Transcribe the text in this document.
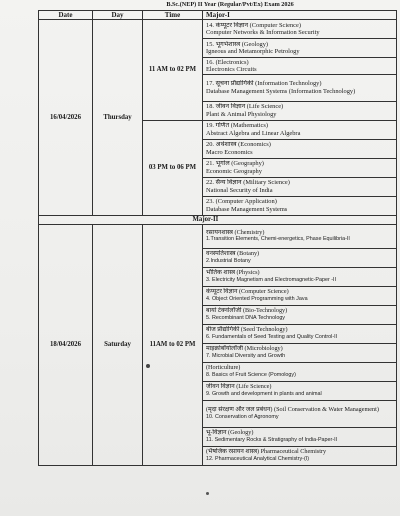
B.Sc.(NEP) II Year (Regular/Pvt/Ex) Exam 2026
Date	Day	Time	Major-I
16/04/2026	Thursday	11 AM to 02 PM	14. कंप्यूटर विज्ञान (Computer Science)
Computer Networks & Information Security

			15. भूगर्भशास्त्र (Geology)
Igneous and Metamorphic Petrology

			16. (Electronics)
Electronics Circuits

			17. सूचना प्रौद्योगिकी (Information Technology)
Database Management Systems (Information Technology)

			18. जीवन विज्ञान (Life Science)
Plant & Animal Physiology

		03 PM to 06 PM	19. गणित (Mathematics)
Abstract Algebra and Linear Algebra

			20. अर्थशास्त्र (Economics)
Macro Economics

			21. भूगोल (Geography)
Economic Geography

			22. सैन्य विज्ञान (Military Science)
National Security of India

			23. (Computer Application)
Database Management Systems

	Major-II		
18/04/2026	Saturday	11AM to 02 PM	रसायनशास्त्र (Chemistry)
1.Transition Elements, Chemi-energetics, Phase Equilibria-II

			वनस्पतिशास्त्र (Botany)
2.Industrial Botany

			भौतिक शास्त्र (Physics)
3. Electricity Magnetism and Electromagnetic-Paper -II

			कंप्यूटर विज्ञान (Computer Science)
4. Object Oriented Programming with Java

			बायो टेक्नोलॉजी (Bio-Technology)
5. Recombinant DNA Technology

			बीज प्रौद्योगिकी (Seed Technology)
6. Fundamentals of Seed Testing and Quality Control-II

			माइक्रोबॉयोलॉजी (Microbiology)
7. Microbial Diversity and Growth

			(Horticulture)
8. Basics of Fruit Science (Pomology)

			जीवन विज्ञान (Life Science)
9. Growth and development in plants and animal

			(मृदा संरक्षण और जल प्रबंधन) (Soil Conservation & Water Management)
10. Conservation of Agronomy

			भू-विज्ञान (Geology)
11. Sedimentary Rocks & Stratigraphy of India-Paper-II

			(भैषजिक रसायन शास्त्र) Pharmaceutical Chemistry
12. Pharmaceutical Analytical Chemistry-(I)
